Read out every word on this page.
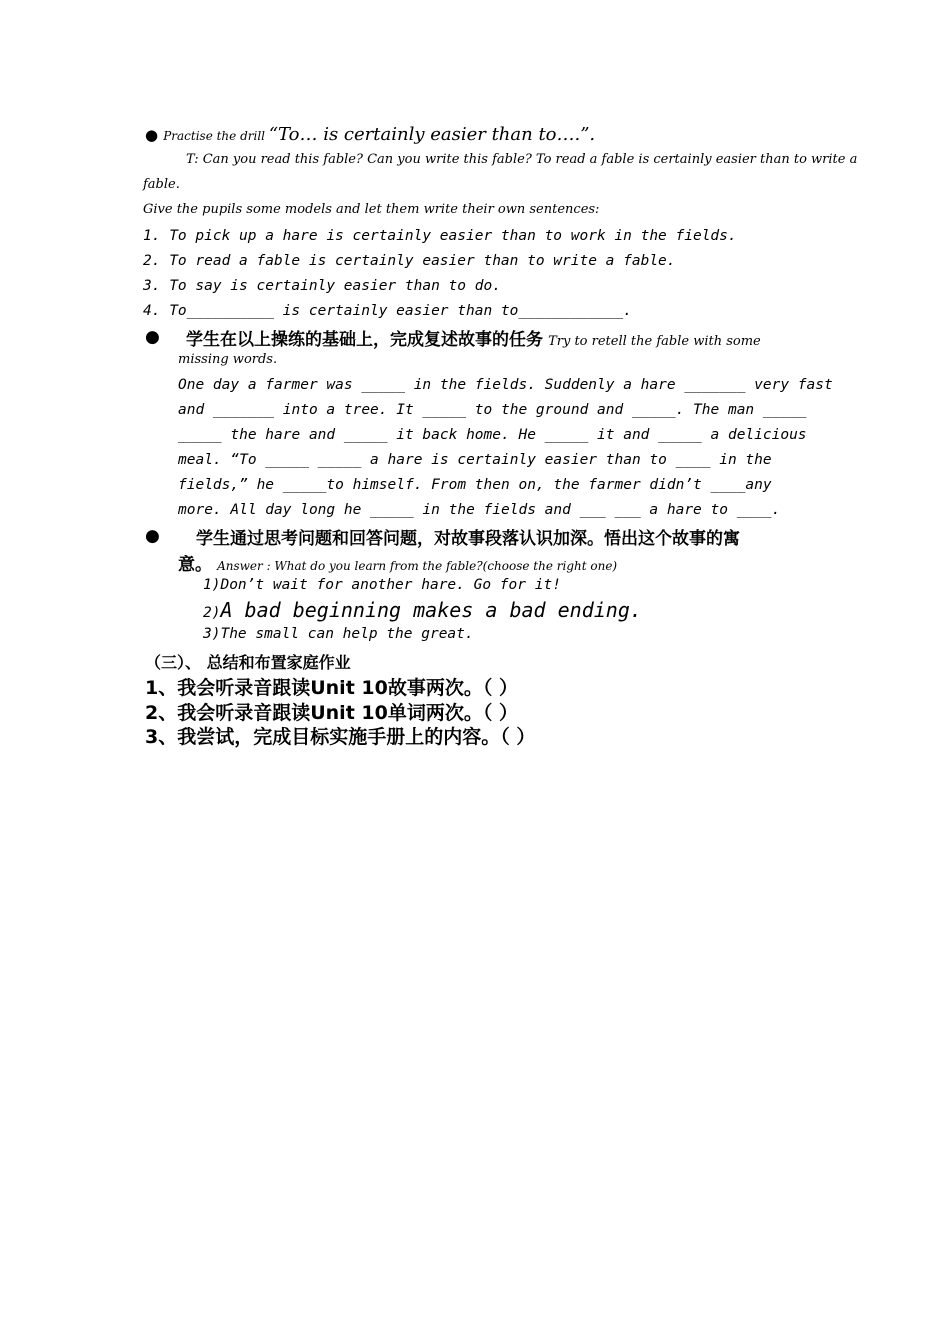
● Practise the drill “To… is certainly easier than to….”.
T: Can you read this fable? Can you write this fable? To read a fable is certainly easier than to write a
fable.
Give the pupils some models and let them write their own sentences:
1. To pick up a hare is certainly easier than to work in the fields.
2. To read a fable is certainly easier than to write a fable.
3. To say is certainly easier than to do.
4. To__________ is certainly easier than to____________.
● 学生在以上操练的基础上，完成复述故事的任务 Try to retell the fable with some
missing words.
One day a farmer was _____ in the fields. Suddenly a hare _______ very fast
and _______ into a tree. It _____ to the ground and _____. The man _____
_____ the hare and _____ it back home. He _____ it and _____ a delicious
meal. “To _____ _____ a hare is certainly easier than to ____ in the
fields,” he _____to himself. From then on, the farmer didn’t ____any
more. All day long he _____ in the fields and ___ ___ a hare to ____.
● 学生通过思考问题和回答问题，对故事段落认识加深。悟出这个故事的寓
意。 Answer : What do you learn from the fable?(choose the right one)
1)Don’t wait for another hare. Go for it!
2)A bad beginning makes a bad ending.
3)The small can help the great.
（三）、 总结和布置家庭作业
1、我会听录音跟读Unit 10故事两次。（ ）
2、我会听录音跟读Unit 10单词两次。（ ）
3、我尝试，完成目标实施手册上的内容。（ ）
